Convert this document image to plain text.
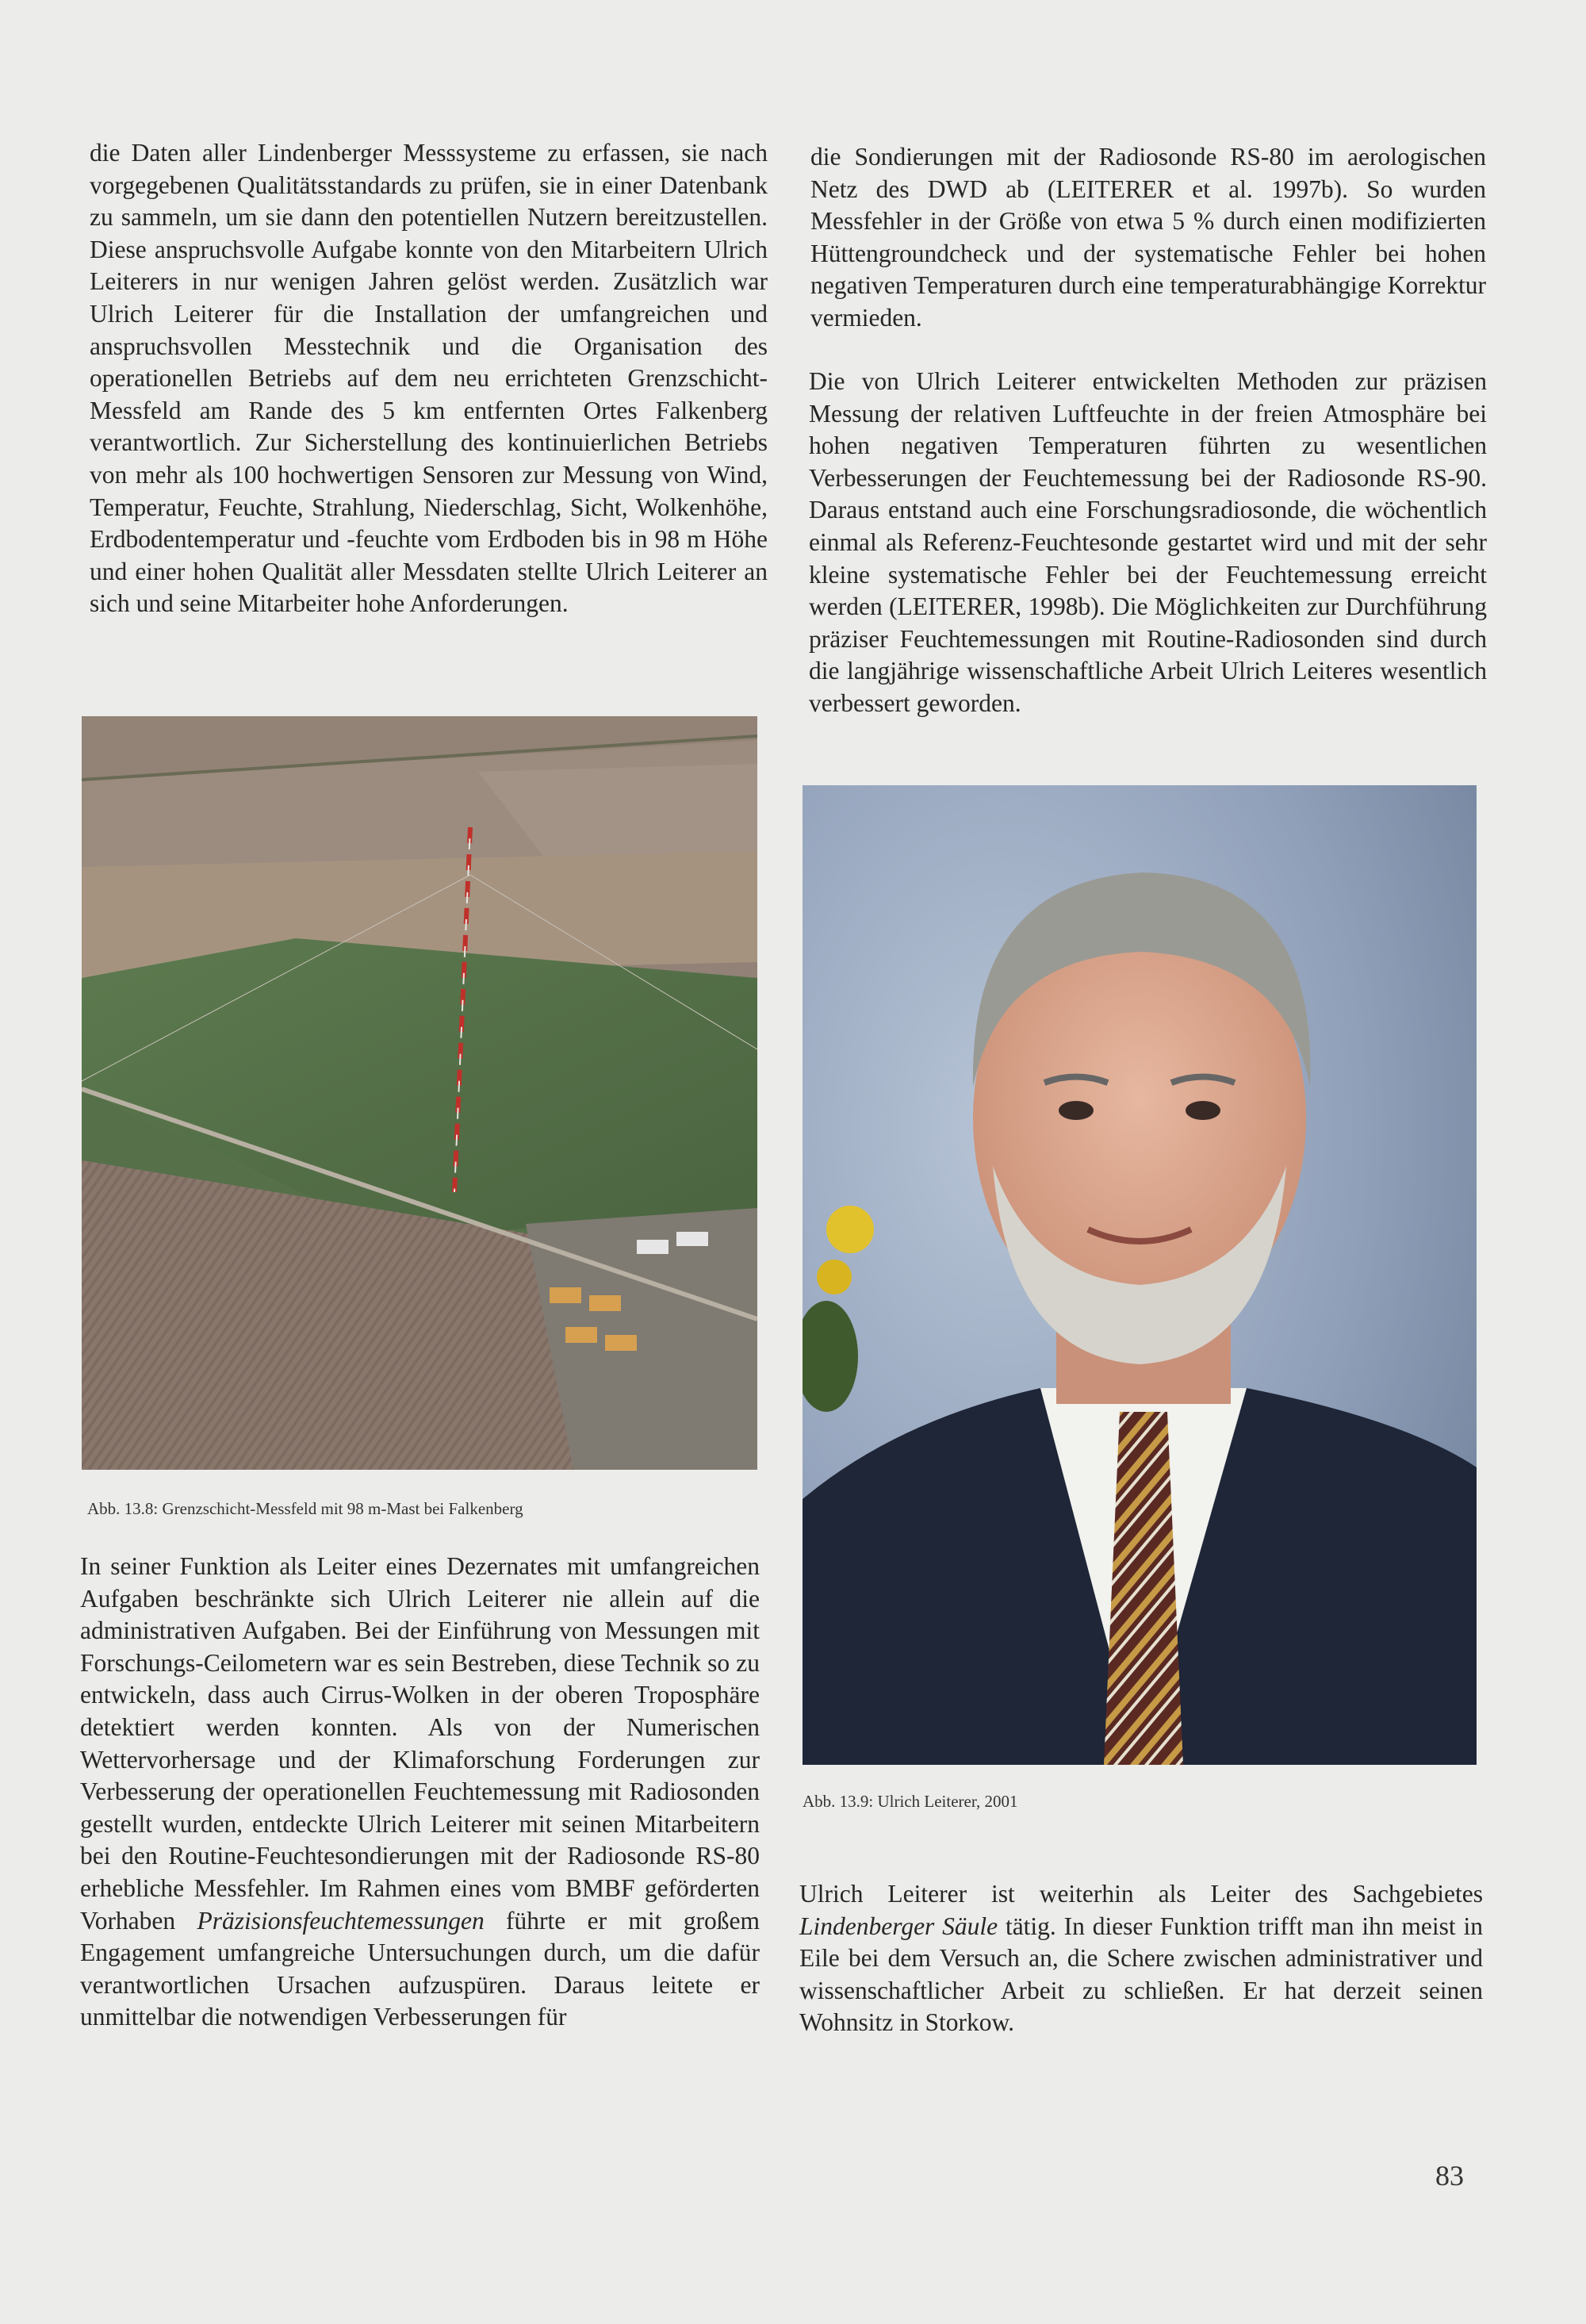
die Daten aller Lindenberger Messsysteme zu erfassen, sie nach vorgegebenen Qualitätsstandards zu prüfen, sie in einer Datenbank zu sammeln, um sie dann den potentiellen Nutzern bereitzustellen. Diese anspruchsvolle Aufgabe konnte von den Mitarbeitern Ulrich Leiterers in nur wenigen Jahren gelöst werden. Zusätzlich war Ulrich Leiterer für die Installation der umfangreichen und anspruchsvollen Messtechnik und die Organisation des operationellen Betriebs auf dem neu errichteten Grenzschicht-Messfeld am Rande des 5 km entfernten Ortes Falkenberg verantwortlich. Zur Sicherstellung des kontinuierlichen Betriebs von mehr als 100 hochwertigen Sensoren zur Messung von Wind, Temperatur, Feuchte, Strahlung, Niederschlag, Sicht, Wolkenhöhe, Erdbodentemperatur und -feuchte vom Erdboden bis in 98 m Höhe und einer hohen Qualität aller Messdaten stellte Ulrich Leiterer an sich und seine Mitarbeiter hohe Anforderungen.

Abb. 13.8: Grenzschicht-Messfeld mit 98 m-Mast bei Falkenberg

In seiner Funktion als Leiter eines Dezernates mit umfangreichen Aufgaben beschränkte sich Ulrich Leiterer nie allein auf die administrativen Aufgaben. Bei der Einführung von Messungen mit Forschungs-Ceilometern war es sein Bestreben, diese Technik so zu entwickeln, dass auch Cirrus-Wolken in der oberen Troposphäre detektiert werden konnten. Als von der Numerischen Wettervorhersage und der Klimaforschung Forderungen zur Verbesserung der operationellen Feuchtemessung mit Radiosonden gestellt wurden, entdeckte Ulrich Leiterer mit seinen Mitarbeitern bei den Routine-Feuchtesondierungen mit der Radiosonde RS-80 erhebliche Messfehler. Im Rahmen eines vom BMBF geförderten Vorhaben Präzisionsfeuchtemessungen führte er mit großem Engagement umfangreiche Untersuchungen durch, um die dafür verantwortlichen Ursachen aufzuspüren. Daraus leitete er unmittelbar die notwendigen Verbesserungen für

die Sondierungen mit der Radiosonde RS-80 im aerologischen Netz des DWD ab (LEITERER et al. 1997b). So wurden Messfehler in der Größe von etwa 5 % durch einen modifizierten Hüttengroundcheck und der systematische Fehler bei hohen negativen Temperaturen durch eine temperaturabhängige Korrektur vermieden.

Die von Ulrich Leiterer entwickelten Methoden zur präzisen Messung der relativen Luftfeuchte in der freien Atmosphäre bei hohen negativen Temperaturen führten zu wesentlichen Verbesserungen der Feuchtemessung bei der Radiosonde RS-90. Daraus entstand auch eine Forschungsradiosonde, die wöchentlich einmal als Referenz-Feuchtesonde gestartet wird und mit der sehr kleine systematische Fehler bei der Feuchtemessung erreicht werden (LEITERER, 1998b). Die Möglichkeiten zur Durchführung präziser Feuchtemessungen mit Routine-Radiosonden sind durch die langjährige wissenschaftliche Arbeit Ulrich Leiteres wesentlich verbessert geworden.

Abb. 13.9: Ulrich Leiterer, 2001

Ulrich Leiterer ist weiterhin als Leiter des Sachgebietes Lindenberger Säule tätig. In dieser Funktion trifft man ihn meist in Eile bei dem Versuch an, die Schere zwischen administrativer und wissenschaftlicher Arbeit zu schließen. Er hat derzeit seinen Wohnsitz in Storkow.

83
